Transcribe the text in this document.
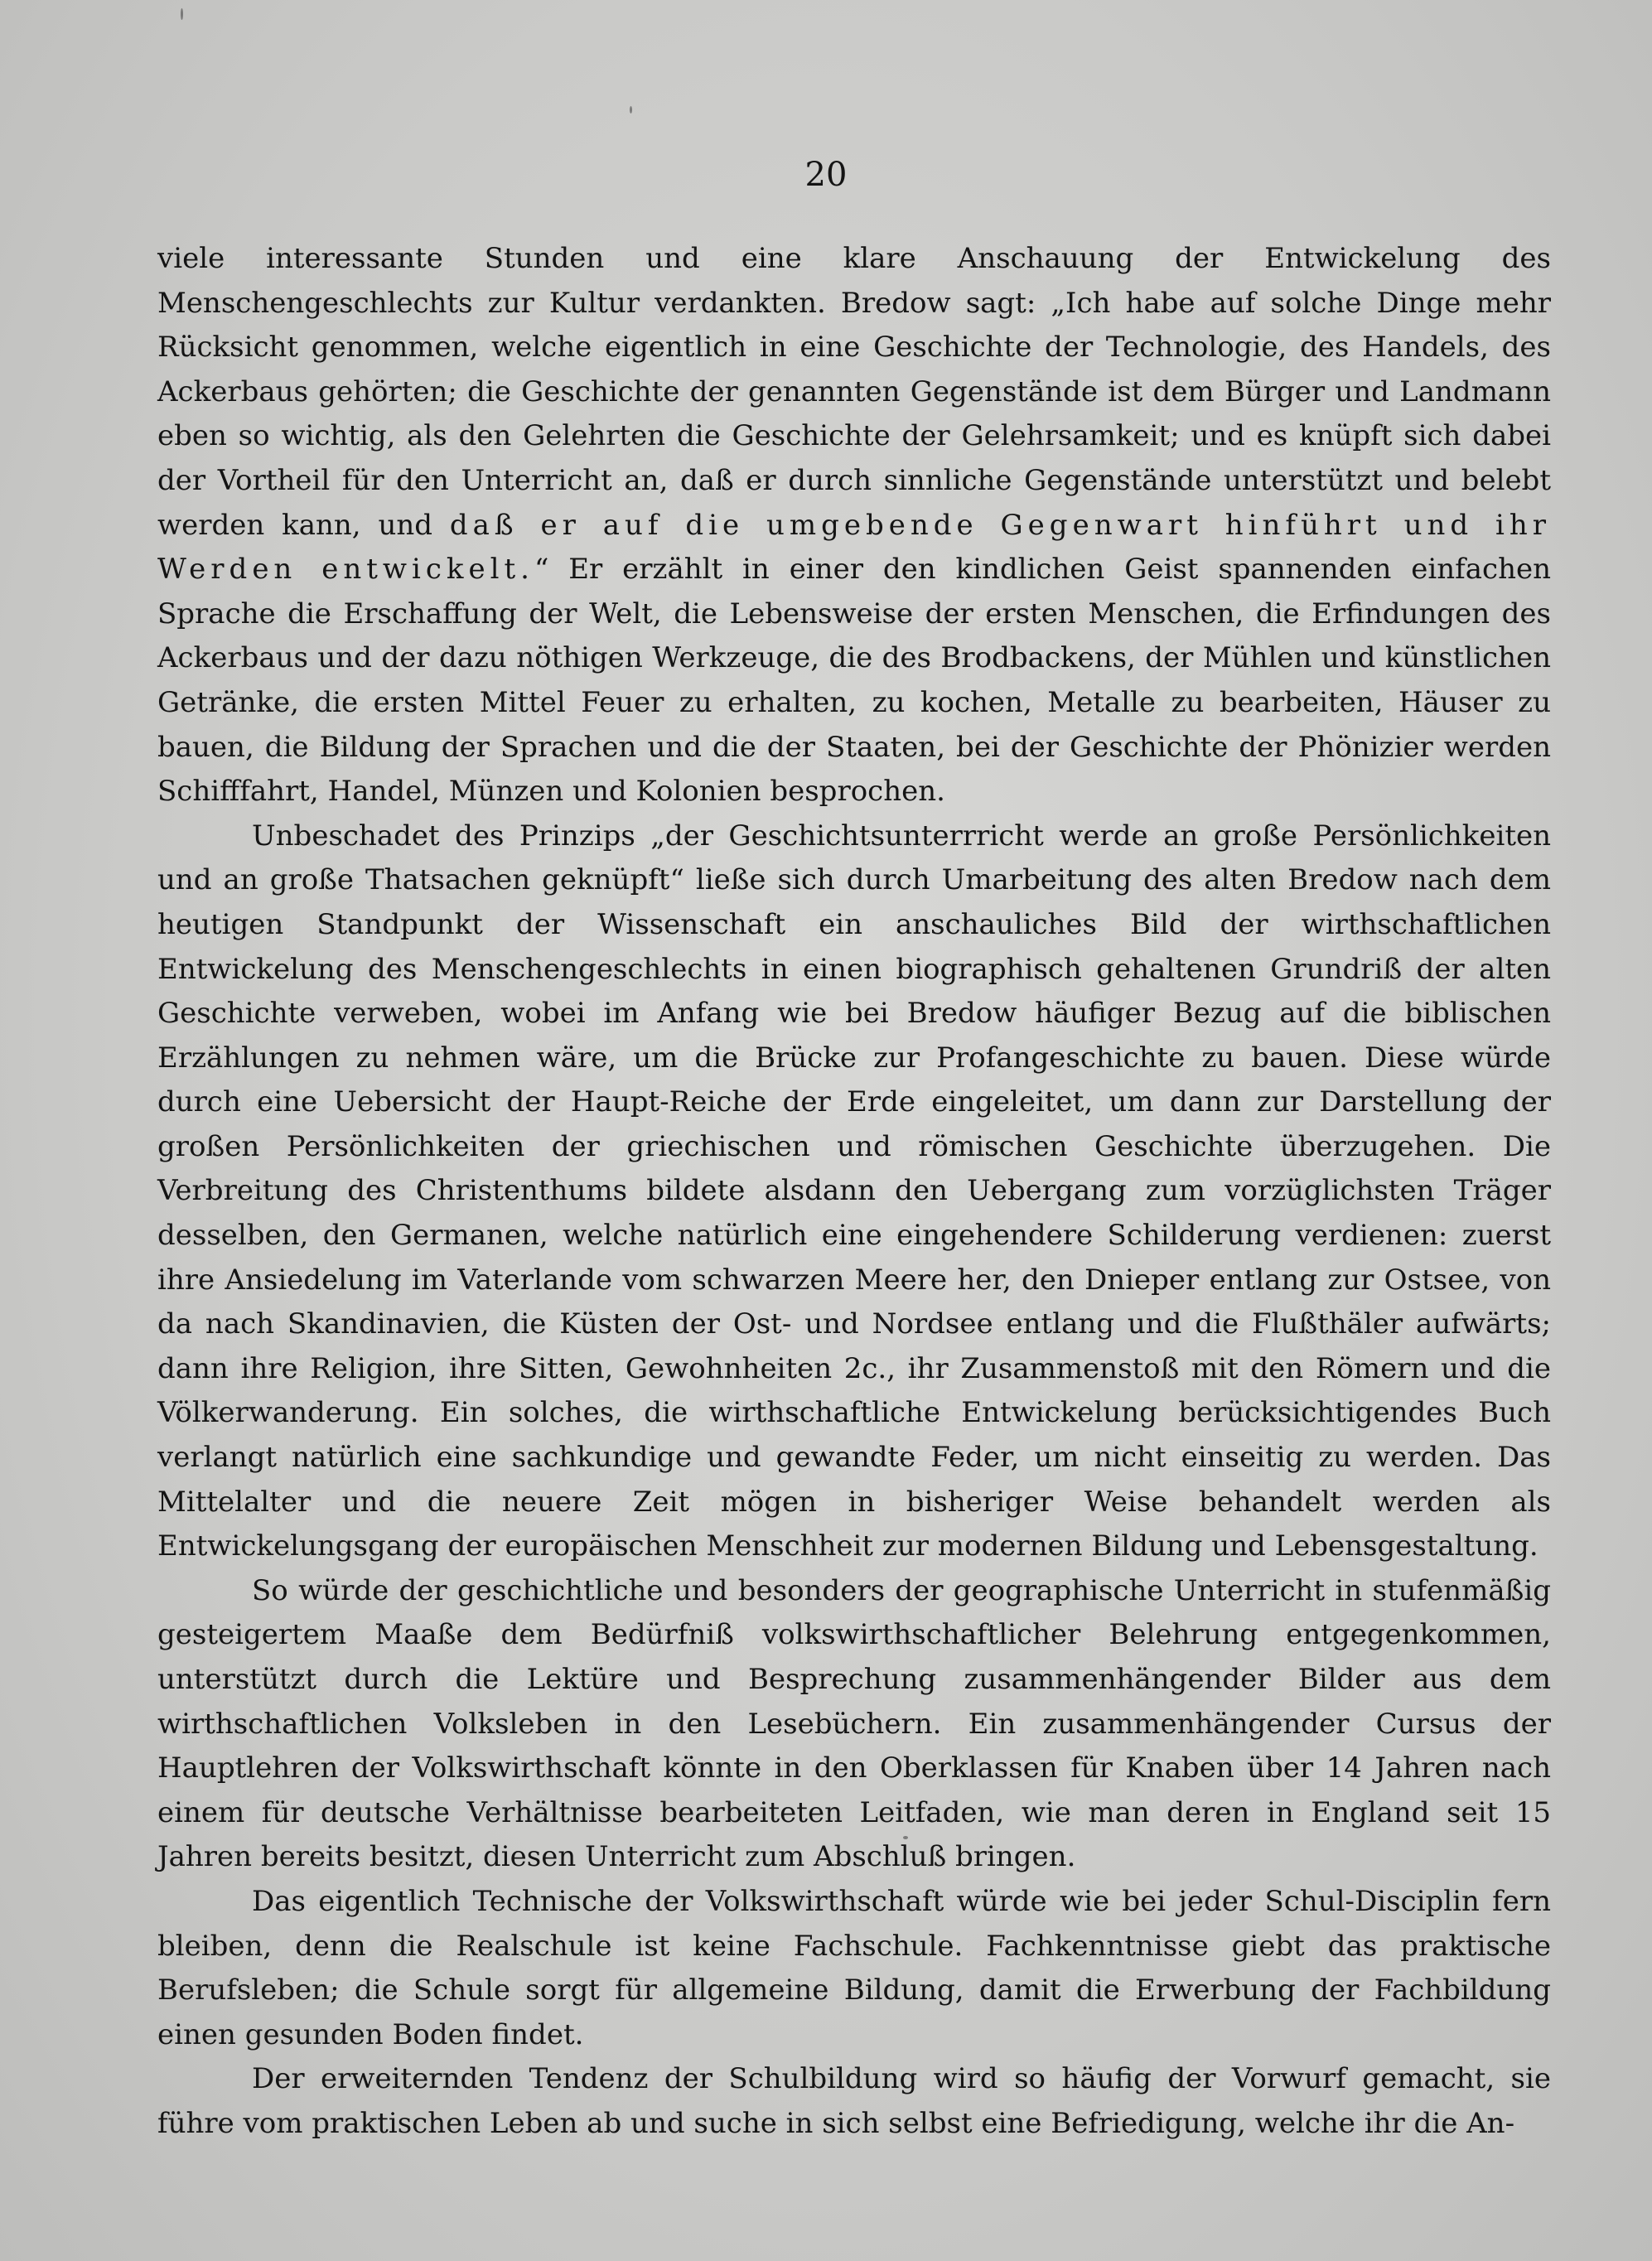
20

viele interessante Stunden und eine klare Anschauung der Entwickelung des Menschengeschlechts zur Kultur verdankten. Bredow sagt: „Ich habe auf solche Dinge mehr Rücksicht genommen, welche eigentlich in eine Geschichte der Technologie, des Handels, des Ackerbaus gehörten; die Geschichte der genannten Gegenstände ist dem Bürger und Landmann eben so wichtig, als den Gelehrten die Geschichte der Gelehrsamkeit; und es knüpft sich dabei der Vortheil für den Unterricht an, daß er durch sinnliche Gegenstände unterstützt und belebt werden kann, und daß er auf die umgebende Gegenwart hinführt und ihr Werden entwickelt.“ Er erzählt in einer den kindlichen Geist spannenden einfachen Sprache die Erschaffung der Welt, die Lebensweise der ersten Menschen, die Erfindungen des Ackerbaus und der dazu nöthigen Werkzeuge, die des Brodbackens, der Mühlen und künstlichen Getränke, die ersten Mittel Feuer zu erhalten, zu kochen, Metalle zu bearbeiten, Häuser zu bauen, die Bildung der Sprachen und die der Staaten, bei der Geschichte der Phönizier werden Schifffahrt, Handel, Münzen und Kolonien besprochen.

Unbeschadet des Prinzips „der Geschichtsunterrricht werde an große Persönlichkeiten und an große Thatsachen geknüpft“ ließe sich durch Umarbeitung des alten Bredow nach dem heutigen Standpunkt der Wissenschaft ein anschauliches Bild der wirthschaftlichen Entwickelung des Menschengeschlechts in einen biographisch gehaltenen Grundriß der alten Geschichte verweben, wobei im Anfang wie bei Bredow häufiger Bezug auf die biblischen Erzählungen zu nehmen wäre, um die Brücke zur Profangeschichte zu bauen. Diese würde durch eine Uebersicht der Haupt-Reiche der Erde eingeleitet, um dann zur Darstellung der großen Persönlichkeiten der griechischen und römischen Geschichte überzugehen. Die Verbreitung des Christenthums bildete alsdann den Uebergang zum vorzüglichsten Träger desselben, den Germanen, welche natürlich eine eingehendere Schilderung verdienen: zuerst ihre Ansiedelung im Vaterlande vom schwarzen Meere her, den Dnieper entlang zur Ostsee, von da nach Skandinavien, die Küsten der Ost- und Nordsee entlang und die Flußthäler aufwärts; dann ihre Religion, ihre Sitten, Gewohnheiten 2c., ihr Zusammenstoß mit den Römern und die Völkerwanderung. Ein solches, die wirthschaftliche Entwickelung berücksichtigendes Buch verlangt natürlich eine sachkundige und gewandte Feder, um nicht einseitig zu werden. Das Mittelalter und die neuere Zeit mögen in bisheriger Weise behandelt werden als Entwickelungsgang der europäischen Menschheit zur modernen Bildung und Lebensgestaltung.

So würde der geschichtliche und besonders der geographische Unterricht in stufenmäßig gesteigertem Maaße dem Bedürfniß volkswirthschaftlicher Belehrung entgegenkommen, unterstützt durch die Lektüre und Besprechung zusammenhängender Bilder aus dem wirthschaftlichen Volksleben in den Lesebüchern. Ein zusammenhängender Cursus der Hauptlehren der Volkswirthschaft könnte in den Oberklassen für Knaben über 14 Jahren nach einem für deutsche Verhältnisse bearbeiteten Leitfaden, wie man deren in England seit 15 Jahren bereits besitzt, diesen Unterricht zum Abschluß bringen.

Das eigentlich Technische der Volkswirthschaft würde wie bei jeder Schul-Disciplin fern bleiben, denn die Realschule ist keine Fachschule. Fachkenntnisse giebt das praktische Berufsleben; die Schule sorgt für allgemeine Bildung, damit die Erwerbung der Fachbildung einen gesunden Boden findet.

Der erweiternden Tendenz der Schulbildung wird so häufig der Vorwurf gemacht, sie führe vom praktischen Leben ab und suche in sich selbst eine Befriedigung, welche ihr die An-
